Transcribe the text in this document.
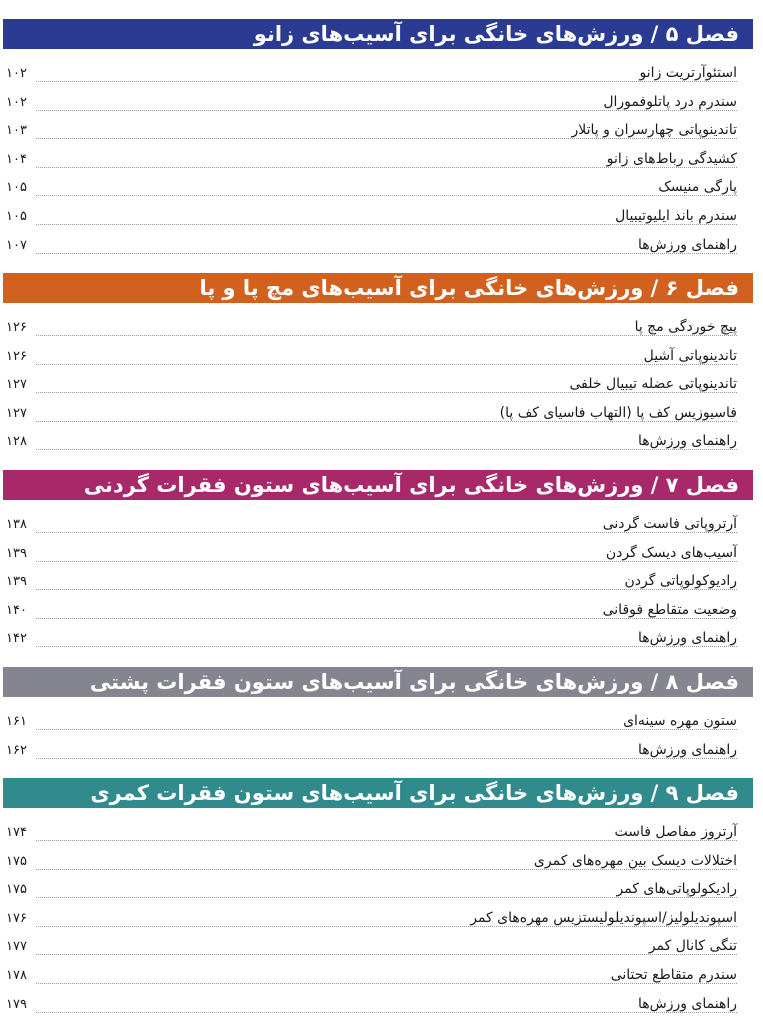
فصل ۵ / ورزش‌های خانگی برای آسیب‌های زانو
استئوآرتریت زانو
۱۰۲
سندرم درد پاتلوفمورال
۱۰۲
تاندینوپاتی چهارسران و پاتلار
۱۰۳
کشیدگی رباط‌های زانو
۱۰۴
پارگی منیسک
۱۰۵
سندرم باند ایلیوتیبیال
۱۰۵
راهنمای ورزش‌ها
۱۰۷
فصل ۶ / ورزش‌های خانگی برای آسیب‌های مچ پا و پا
پیچ خوردگی مچ پا
۱۲۶
تاندینوپاتی آشیل
۱۲۶
تاندینوپاتی عضله تیبیال خلفی
۱۲۷
فاسیوزیس کف پا (التهاب فاسیای کف پا)
۱۲۷
راهنمای ورزش‌ها
۱۲۸
فصل ۷ / ورزش‌های خانگی برای آسیب‌های ستون فقرات گردنی
آرتروپاتی فاست گردنی
۱۳۸
آسیب‌های دیسک گردن
۱۳۹
رادیوکولوپاتی گردن
۱۳۹
وضعیت متقاطع فوقانی
۱۴۰
راهنمای ورزش‌ها
۱۴۲
فصل ۸ / ورزش‌های خانگی برای آسیب‌های ستون فقرات پشتی
ستون مهره سینه‌ای
۱۶۱
راهنمای ورزش‌ها
۱۶۲
فصل ۹ / ورزش‌های خانگی برای آسیب‌های ستون فقرات کمری
آرتروز مفاصل فاست
۱۷۴
اختلالات دیسک بین مهره‌های کمری
۱۷۵
رادیکولوپاتی‌های کمر
۱۷۵
اسپوندیلولیز/اسپوندیلولیستزیس مهره‌های کمر
۱۷۶
تنگی کانال کمر
۱۷۷
سندرم متقاطع تحتانی
۱۷۸
راهنمای ورزش‌ها
۱۷۹
